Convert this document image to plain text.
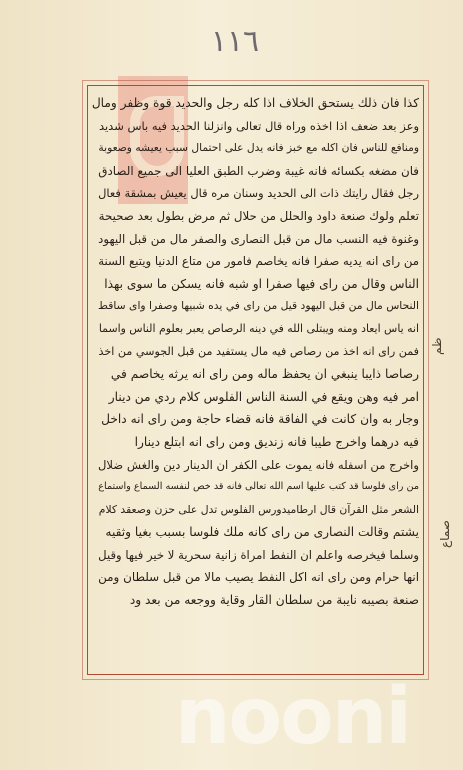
١١٦
كذا فان ذلك يستحق الخلاف اذا كله رجل والحديد قوة وظفر ومال
وعز بعد ضعف اذا اخذه وراه قال تعالى وانزلنا الحديد فيه باس شديد
ومنافع للناس فان اكله مع خبز فانه يدل على احتمال سبب يعيشه وصعوبة
فان مضغه بكسائه فانه غيبة وضرب الطبق العليا الى جميع الصادق
رجل فقال رايتك ذات الى الحديد وسنان مره قال يعيش بمشقة فعال
تعلم ولوك صنعة داود والحلل من حلال ثم مرض بطول بعد صحيحة
وغنوة فيه النسب مال من قبل النصارى والصفر مال من قبل اليهود
من راى انه يديه صفرا فانه يخاصم فامور من متاع الدنيا ويتبع السنة
الناس وقال من راى فيها صفرا او شبه فانه يسكن ما سوى بهذا
النحاس مال من قبل اليهود قيل من راى في يده شبيها وصفرا واى ساقط
انه ياس ايعاد ومنه ويبتلى الله في دينه الرصاص يعبر بعلوم الناس واسما
فمن راى انه اخذ من رصاص فيه مال يستفيد من قبل الجوسي من اخذ
رصاصا ذايبا ينبغي ان يحفظ ماله ومن راى انه يرثه يخاصم في
امر فيه وهن ويقع في السنة الناس الفلوس كلام ردي من دينار
وجار به وان كانت في الفاقة فانه قضاء حاجة ومن راى انه داخل
فيه درهما واخرج طيبا فانه زنديق ومن راى انه ابتلع دينارا
واخرج من اسفله فانه يموت على الكفر ان الدينار دين والغش ضلال
من راى فلوسا قد كتب عليها اسم الله تعالى فانه قد خص لنفسه السماع واستماع
الشعر مثل القرآن قال ارطاميدورس الفلوس تدل على حزن وصعقد كلام
يشتم وقالت النصارى من راى كانه ملك فلوسا بسبب بغيا وثقيه
وسلما فيخرصه واعلم ان النفط امراة زانية سحرية لا خير فيها وقيل
انها حرام ومن راى انه اكل النفط يصيب مالا من قبل سلطان ومن
صنعة بصيبه نايبة من سلطان القار وقاية ووجعه من بعد ود
ظم
صماع
nooni
